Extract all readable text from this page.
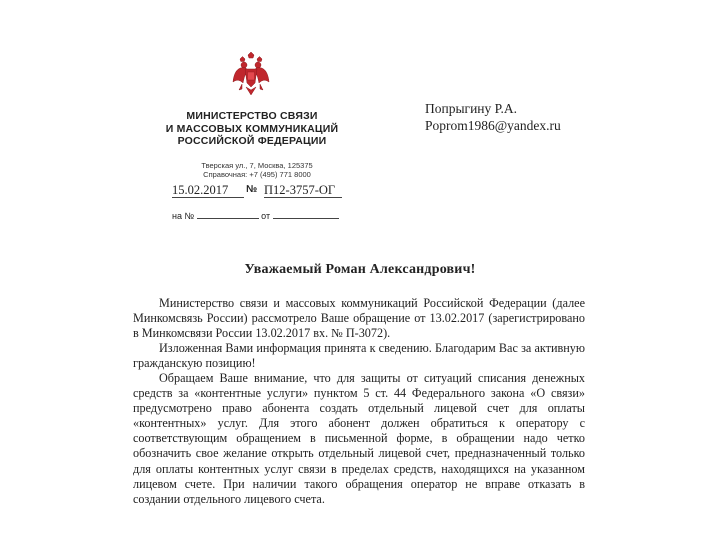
МИНИСТЕРСТВО СВЯЗИ
И МАССОВЫХ КОММУНИКАЦИЙ
РОССИЙСКОЙ ФЕДЕРАЦИИ
Тверская ул., 7, Москва, 125375
Справочная: +7 (495) 771 8000
15.02.2017	№ П12-3757-ОГ
на №	от
Попрыгину Р.А.
Poprom1986@yandex.ru
Уважаемый Роман Александрович!

Министерство связи и массовых коммуникаций Российской Федерации (далее Минкомсвязь России) рассмотрело Ваше обращение от 13.02.2017 (зарегистрировано в Минкомсвязи России 13.02.2017 вх. № П-3072).

Изложенная Вами информация принята к сведению. Благодарим Вас за активную гражданскую позицию!

Обращаем Ваше внимание, что для защиты от ситуаций списания денежных средств за «контентные услуги» пунктом 5 ст. 44 Федерального закона «О связи» предусмотрено право абонента создать отдельный лицевой счет для оплаты «контентных» услуг. Для этого абонент должен обратиться к оператору с соответствующим обращением в письменной форме, в обращении надо четко обозначить свое желание открыть отдельный лицевой счет, предназначенный только для оплаты контентных услуг связи в пределах средств, находящихся на указанном лицевом счете. При наличии такого обращения оператор не вправе отказать в создании отдельного лицевого счета.
